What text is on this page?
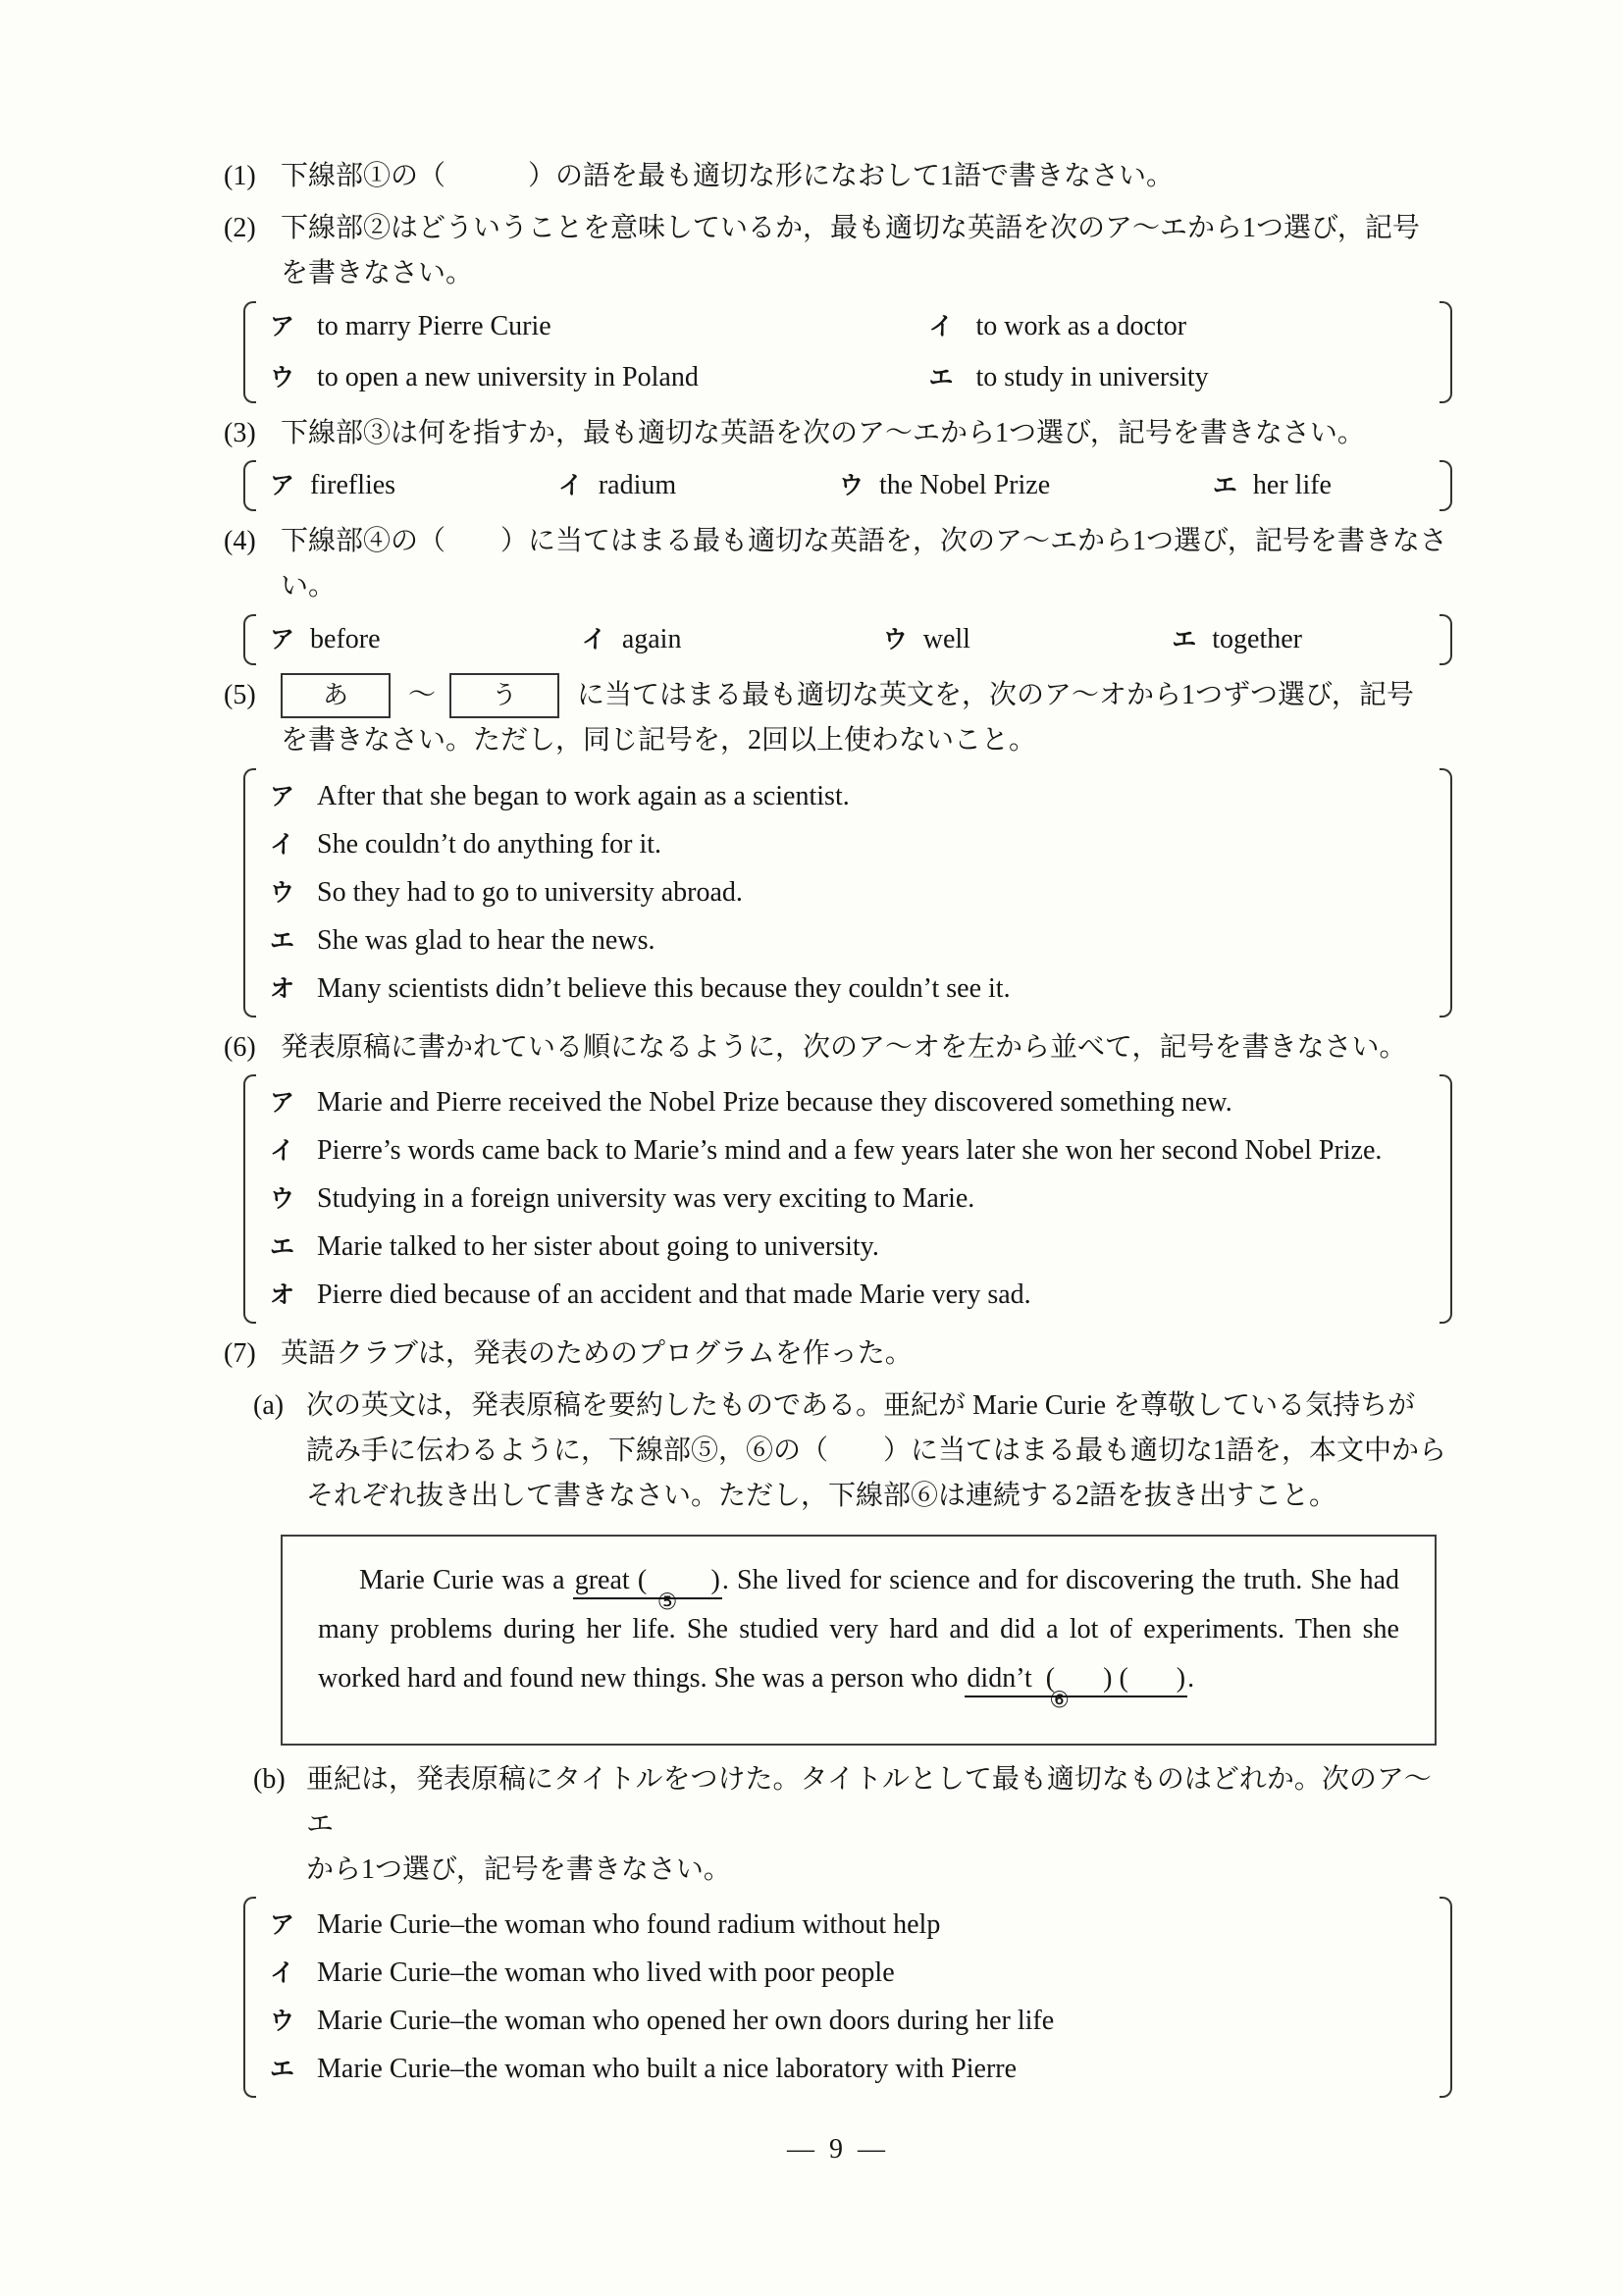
(1) 下線部①の（　　　）の語を最も適切な形になおして1語で書きなさい。
(2) 下線部②はどういうことを意味しているか，最も適切な英語を次のア～エから1つ選び，記号
を書きなさい。
ア to marry Pierre Curie	イ to work as a doctor
ウ to open a new university in Poland	エ to study in university
(3) 下線部③は何を指すか，最も適切な英語を次のア～エから1つ選び，記号を書きなさい。
ア fireflies	イ radium	ウ the Nobel Prize	エ her life
(4) 下線部④の（　　）に当てはまる最も適切な英語を，次のア～エから1つ選び，記号を書きなさい。
ア before	イ again	ウ well	エ together
(5)	あ	～	う	に当てはまる最も適切な英文を，次のア～オから1つずつ選び，記号
を書きなさい。ただし，同じ記号を，2回以上使わないこと。
ア After that she began to work again as a scientist.
イ She couldn’t do anything for it.
ウ So they had to go to university abroad.
エ She was glad to hear the news.
オ Many scientists didn’t believe this because they couldn’t see it.
(6) 発表原稿に書かれている順になるように，次のア～オを左から並べて，記号を書きなさい。
ア Marie and Pierre received the Nobel Prize because they discovered something new.
イ Pierre’s words came back to Marie’s mind and a few years later she won her second Nobel Prize.
ウ Studying in a foreign university was very exciting to Marie.
エ Marie talked to her sister about going to university.
オ Pierre died because of an accident and that made Marie very sad.
(7) 英語クラブは，発表のためのプログラムを作った。
(a) 次の英文は，発表原稿を要約したものである。亜紀が Marie Curie を尊敬している気持ちが
読み手に伝わるように，下線部⑤，⑥の（　　）に当てはまる最も適切な1語を，本文中から
それぞれ抜き出して書きなさい。ただし，下線部⑥は連続する2語を抜き出すこと。
Marie Curie was a great (        )
⑤
. She lived for science and for discovering the truth. She had many problems during her life. She studied very hard and did a lot of experiments. Then she worked hard and found new things. She was a person who didn’t  (       ) (       )
⑥
.
(b) 亜紀は，発表原稿にタイトルをつけた。タイトルとして最も適切なものはどれか。次のア～エ
から1つ選び，記号を書きなさい。
ア Marie Curie–the woman who found radium without help
イ Marie Curie–the woman who lived with poor people
ウ Marie Curie–the woman who opened her own doors during her life
エ Marie Curie–the woman who built a nice laboratory with Pierre
— 9 —
